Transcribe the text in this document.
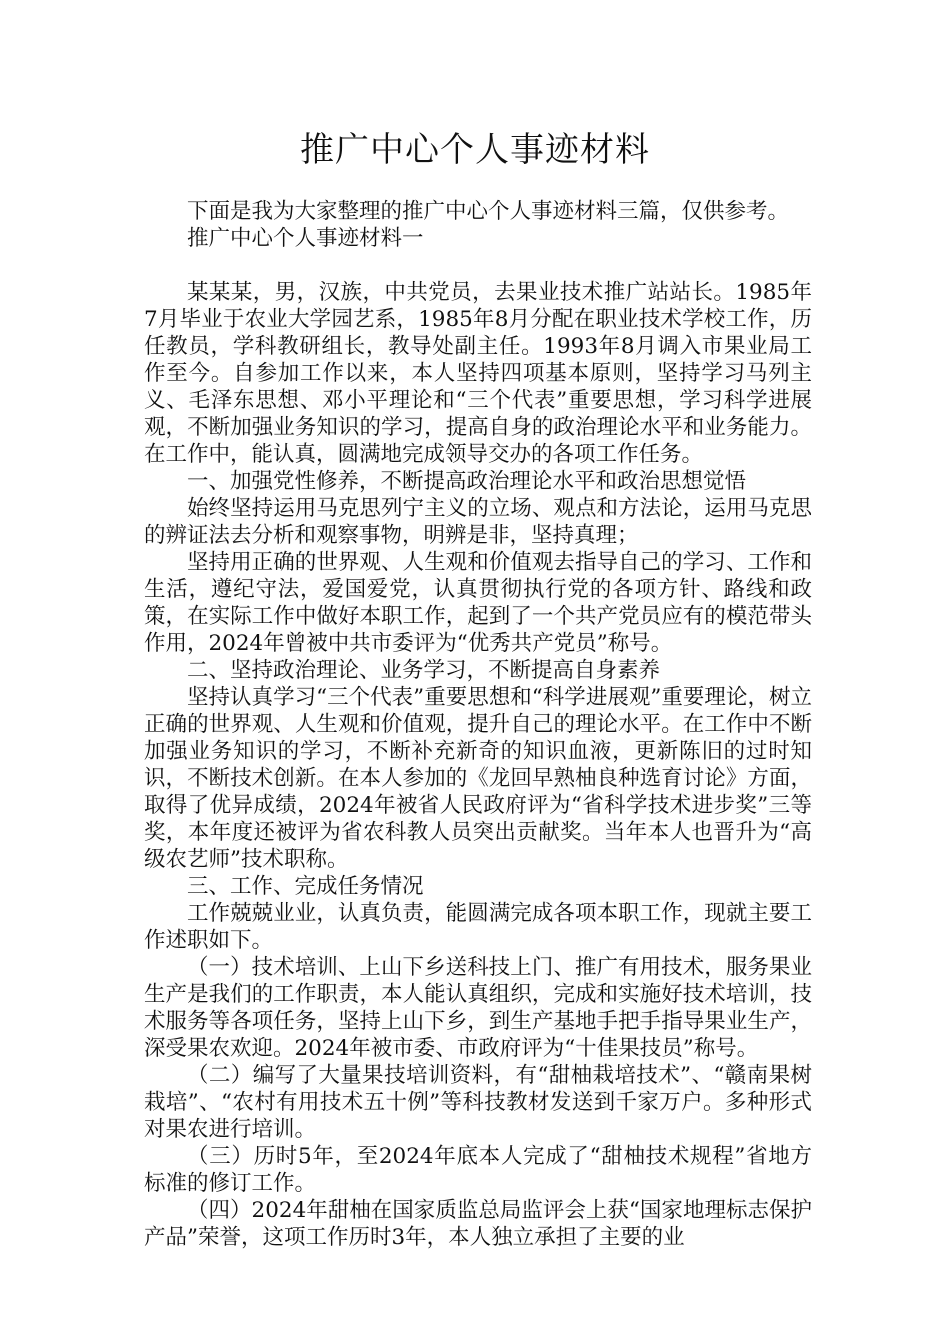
推广中心个人事迹材料

下面是我为大家整理的推广中心个人事迹材料三篇，仅供参考。

推广中心个人事迹材料一

某某某，男，汉族，中共党员，去果业技术推广站站长。1985年7月毕业于农业大学园艺系，1985年8月分配在职业技术学校工作，历任教员，学科教研组长，教导处副主任。1993年8月调入市果业局工作至今。自参加工作以来，本人坚持四项基本原则，坚持学习马列主义、毛泽东思想、邓小平理论和“三个代表”重要思想，学习科学进展观，不断加强业务知识的学习，提高自身的政治理论水平和业务能力。在工作中，能认真，圆满地完成领导交办的各项工作任务。

一、加强党性修养，不断提高政治理论水平和政治思想觉悟

始终坚持运用马克思列宁主义的立场、观点和方法论，运用马克思的辨证法去分析和观察事物，明辨是非，坚持真理；

坚持用正确的世界观、人生观和价值观去指导自己的学习、工作和生活，遵纪守法，爱国爱党，认真贯彻执行党的各项方针、路线和政策，在实际工作中做好本职工作，起到了一个共产党员应有的模范带头作用，2024年曾被中共市委评为“优秀共产党员”称号。

二、坚持政治理论、业务学习，不断提高自身素养

坚持认真学习“三个代表”重要思想和“科学进展观”重要理论，树立正确的世界观、人生观和价值观，提升自己的理论水平。在工作中不断加强业务知识的学习，不断补充新奇的知识血液，更新陈旧的过时知识，不断技术创新。在本人参加的《龙回早熟柚良种选育讨论》方面，取得了优异成绩，2024年被省人民政府评为“省科学技术进步奖”三等奖，本年度还被评为省农科教人员突出贡献奖。当年本人也晋升为“高级农艺师”技术职称。

三、工作、完成任务情况

工作兢兢业业，认真负责，能圆满完成各项本职工作，现就主要工作述职如下。

（一）技术培训、上山下乡送科技上门、推广有用技术，服务果业生产是我们的工作职责，本人能认真组织，完成和实施好技术培训，技术服务等各项任务，坚持上山下乡，到生产基地手把手指导果业生产，深受果农欢迎。2024年被市委、市政府评为“十佳果技员”称号。

（二）编写了大量果技培训资料，有“甜柚栽培技术”、“赣南果树栽培”、“农村有用技术五十例”等科技教材发送到千家万户。多种形式对果农进行培训。

（三）历时5年，至2024年底本人完成了“甜柚技术规程”省地方标准的修订工作。

（四）2024年甜柚在国家质监总局监评会上获“国家地理标志保护产品”荣誉，这项工作历时3年，本人独立承担了主要的业
